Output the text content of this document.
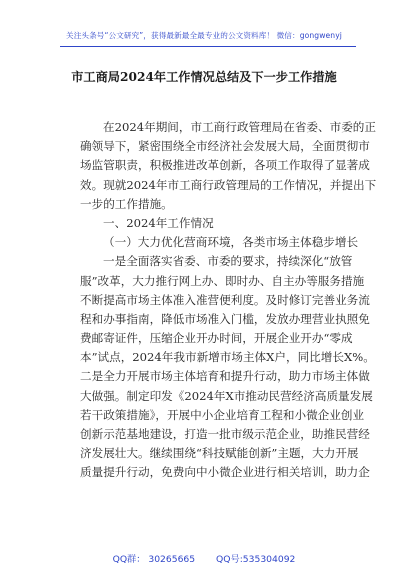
关注头条号“公文研究”，获得最新最全最专业的公文资料库！ 微信：gongwenyj
市工商局2024年工作情况总结及下一步工作措施
在2024年期间，市工商行政管理局在省委、市委的正
确领导下，紧密围绕全市经济社会发展大局，全面贯彻市
场监管职责，积极推进改革创新，各项工作取得了显著成
效。现就2024年市工商行政管理局的工作情况，并提出下
一步的工作措施。
一、2024年工作情况
（一）大力优化营商环境，各类市场主体稳步增长
一是全面落实省委、市委的要求，持续深化“放管
服”改革，大力推行网上办、即时办、自主办等服务措施
不断提高市场主体准入准营便利度。及时修订完善业务流
程和办事指南，降低市场准入门槛，发放办理营业执照免
费邮寄证件，压缩企业开办时间，开展企业开办“零成
本”试点，2024年我市新增市场主体X户，同比增长X%。
二是全力开展市场主体培育和提升行动，助力市场主体做
大做强。制定印发《2024年X市推动民营经济高质量发展
若干政策措施》，开展中小企业培育工程和小微企业创业
创新示范基地建设，打造一批市级示范企业，助推民营经
济发展壮大。继续围绕“科技赋能创新”主题，大力开展
质量提升行动，免费向中小微企业进行相关培训，助力企
QQ群： 30265665 QQ号:535304092
